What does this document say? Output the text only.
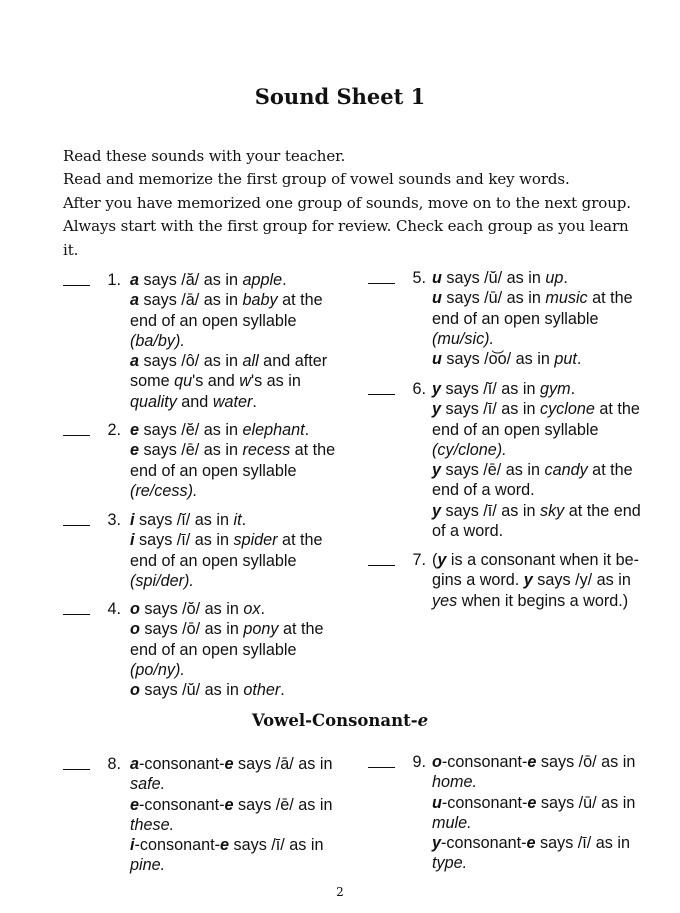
Sound Sheet 1

Read these sounds with your teacher.

Read and memorize the first group of vowel sounds and key words.

After you have memorized one group of sounds, move on to the next group.

Always start with the first group for review. Check each group as you learn

it.

1. a says /ă/ as in apple.
a says /ā/ as in baby at the
end of an open syllable
(ba/by).
a says /ô/ as in all and after
some qu's and w's as in
quality and water.
2. e says /ĕ/ as in elephant.
e says /ē/ as in recess at the
end of an open syllable
(re/cess).
3. i says /ĭ/ as in it.
i says /ī/ as in spider at the
end of an open syllable
(spi/der).
4. o says /ŏ/ as in ox.
o says /ō/ as in pony at the
end of an open syllable
(po/ny).
o says /ŭ/ as in other.
5. u says /ŭ/ as in up.
u says /ū/ as in music at the
end of an open syllable
(mu/sic).
u says /o͝o/ as in put.
6. y says /ĭ/ as in gym.
y says /ī/ as in cyclone at the
end of an open syllable
(cy/clone).
y says /ē/ as in candy at the
end of a word.
y says /ī/ as in sky at the end
of a word.
7. (y is a consonant when it be-
gins a word. y says /y/ as in
yes when it begins a word.)
Vowel-Consonant-e
8. a-consonant-e says /ā/ as in
safe.
e-consonant-e says /ē/ as in
these.
i-consonant-e says /ī/ as in
pine.
9. o-consonant-e says /ō/ as in
home.
u-consonant-e says /ū/ as in
mule.
y-consonant-e says /ī/ as in
type.
2
